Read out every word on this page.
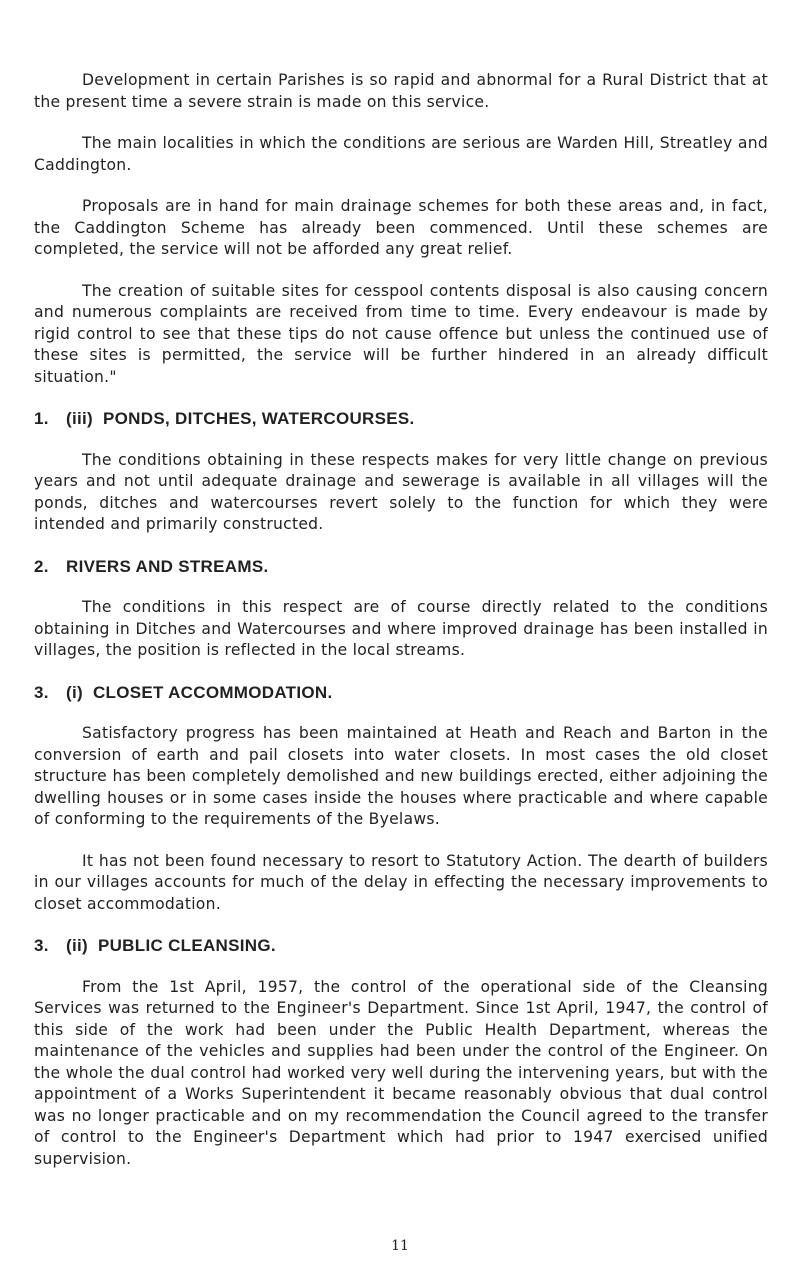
Development in certain Parishes is so rapid and abnormal for a Rural District that at the present time a severe strain is made on this service.

The main localities in which the conditions are serious are Warden Hill, Streatley and Caddington.

Proposals are in hand for main drainage schemes for both these areas and, in fact, the Caddington Scheme has already been commenced. Until these schemes are completed, the service will not be afforded any great relief.

The creation of suitable sites for cesspool contents disposal is also causing concern and numerous complaints are received from time to time. Every endeavour is made by rigid control to see that these tips do not cause offence but unless the continued use of these sites is permitted, the service will be further hindered in an already difficult situation."

1.	(iii) PONDS, DITCHES, WATERCOURSES.

The conditions obtaining in these respects makes for very little change on previous years and not until adequate drainage and sewerage is available in all villages will the ponds, ditches and watercourses revert solely to the function for which they were intended and primarily constructed.

2.	RIVERS AND STREAMS.

The conditions in this respect are of course directly related to the conditions obtaining in Ditches and Watercourses and where improved drainage has been installed in villages, the position is reflected in the local streams.

3.	(i) CLOSET ACCOMMODATION.

Satisfactory progress has been maintained at Heath and Reach and Barton in the conversion of earth and pail closets into water closets. In most cases the old closet structure has been completely demolished and new buildings erected, either adjoining the dwelling houses or in some cases inside the houses where practicable and where capable of conforming to the requirements of the Byelaws.

It has not been found necessary to resort to Statutory Action. The dearth of builders in our villages accounts for much of the delay in effecting the necessary improvements to closet accommodation.

3.	(ii) PUBLIC CLEANSING.

From the 1st April, 1957, the control of the operational side of the Cleansing Services was returned to the Engineer's Department. Since 1st April, 1947, the control of this side of the work had been under the Public Health Department, whereas the maintenance of the vehicles and supplies had been under the control of the Engineer. On the whole the dual control had worked very well during the intervening years, but with the appointment of a Works Superintendent it became reasonably obvious that dual control was no longer practicable and on my recommendation the Council agreed to the transfer of control to the Engineer's Department which had prior to 1947 exercised unified supervision.

11
